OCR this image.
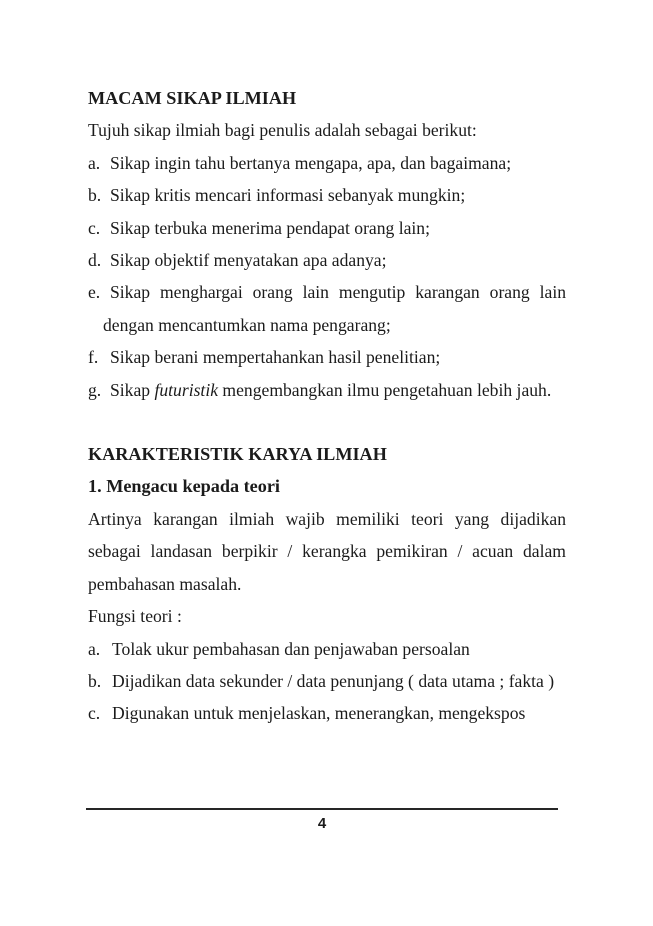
MACAM SIKAP ILMIAH
Tujuh sikap ilmiah bagi penulis adalah sebagai berikut:
a. Sikap ingin tahu bertanya mengapa, apa, dan bagaimana;
b. Sikap kritis mencari informasi sebanyak mungkin;
c. Sikap terbuka menerima pendapat orang lain;
d. Sikap objektif menyatakan apa adanya;
e. Sikap menghargai orang lain mengutip karangan orang lain dengan mencantumkan nama pengarang;
f. Sikap berani mempertahankan hasil penelitian;
g. Sikap futuristik mengembangkan ilmu pengetahuan lebih jauh.
KARAKTERISTIK KARYA ILMIAH
1. Mengacu kepada teori
Artinya karangan ilmiah wajib memiliki teori yang dijadikan sebagai landasan berpikir / kerangka pemikiran / acuan dalam pembahasan masalah.
Fungsi teori :
a. Tolak ukur pembahasan dan penjawaban persoalan
b. Dijadikan data sekunder / data penunjang ( data utama ; fakta )
c. Digunakan untuk menjelaskan, menerangkan, mengekspos
4
